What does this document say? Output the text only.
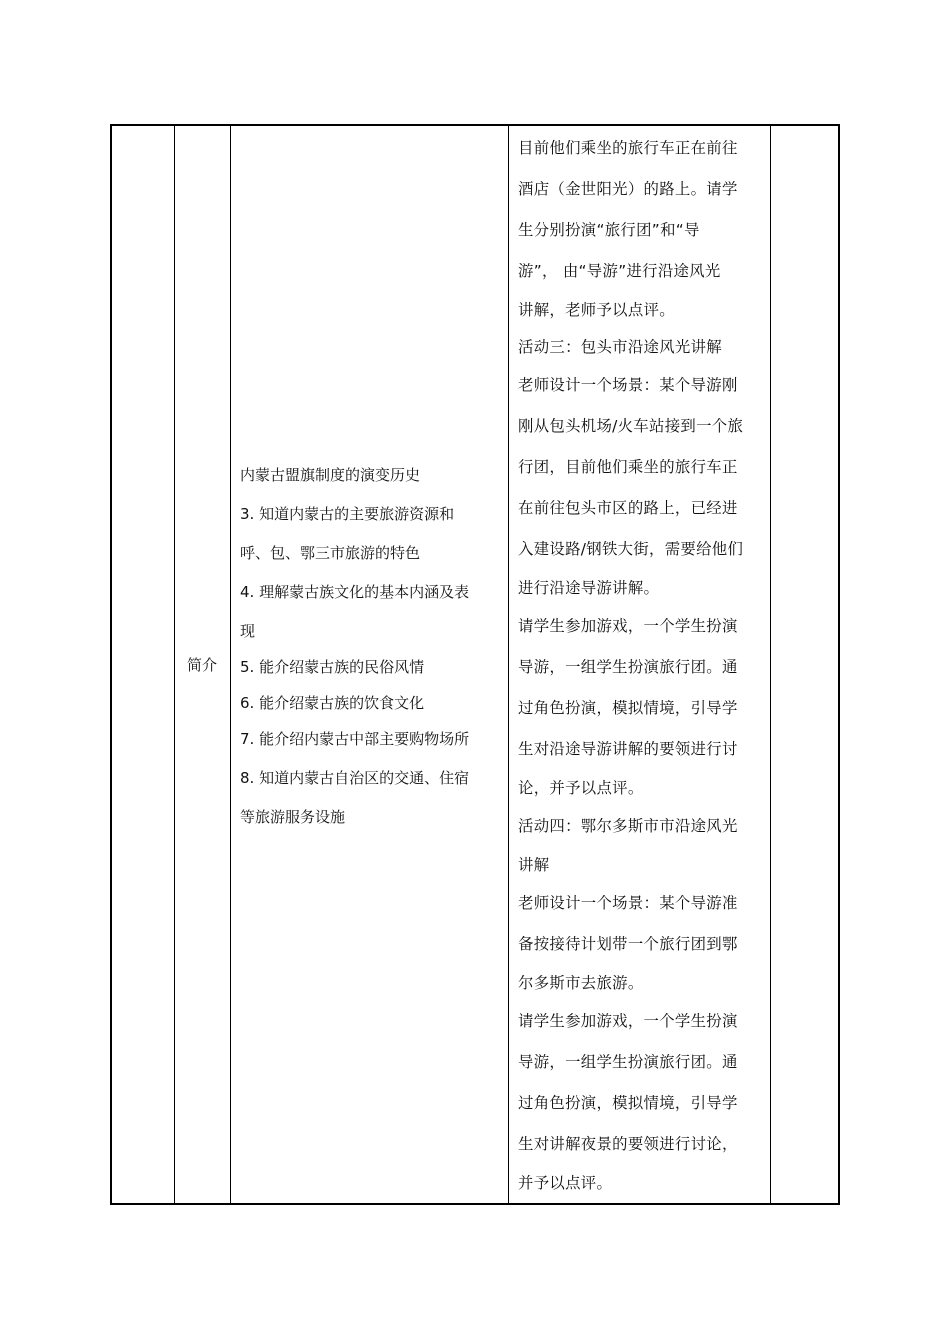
简介
内蒙古盟旗制度的演变历史
3. 知道内蒙古的主要旅游资源和
呼、包、鄂三市旅游的特色
4. 理解蒙古族文化的基本内涵及表
现
5. 能介绍蒙古族的民俗风情
6. 能介绍蒙古族的饮食文化
7. 能介绍内蒙古中部主要购物场所
8. 知道内蒙古自治区的交通、住宿
等旅游服务设施
目前他们乘坐的旅行车正在前往
酒店（金世阳光）的路上。请学
生分别扮演“旅行团”和“导
游”， 由“导游”进行沿途风光
讲解，老师予以点评。
活动三：包头市沿途风光讲解
老师设计一个场景：某个导游刚
刚从包头机场/火车站接到一个旅
行团，目前他们乘坐的旅行车正
在前往包头市区的路上，已经进
入建设路/钢铁大街，需要给他们
进行沿途导游讲解。
请学生参加游戏，一个学生扮演
导游，一组学生扮演旅行团。通
过角色扮演，模拟情境，引导学
生对沿途导游讲解的要领进行讨
论，并予以点评。
活动四：鄂尔多斯市市沿途风光
讲解
老师设计一个场景：某个导游准
备按接待计划带一个旅行团到鄂
尔多斯市去旅游。
请学生参加游戏，一个学生扮演
导游，一组学生扮演旅行团。通
过角色扮演，模拟情境，引导学
生对讲解夜景的要领进行讨论，
并予以点评。
